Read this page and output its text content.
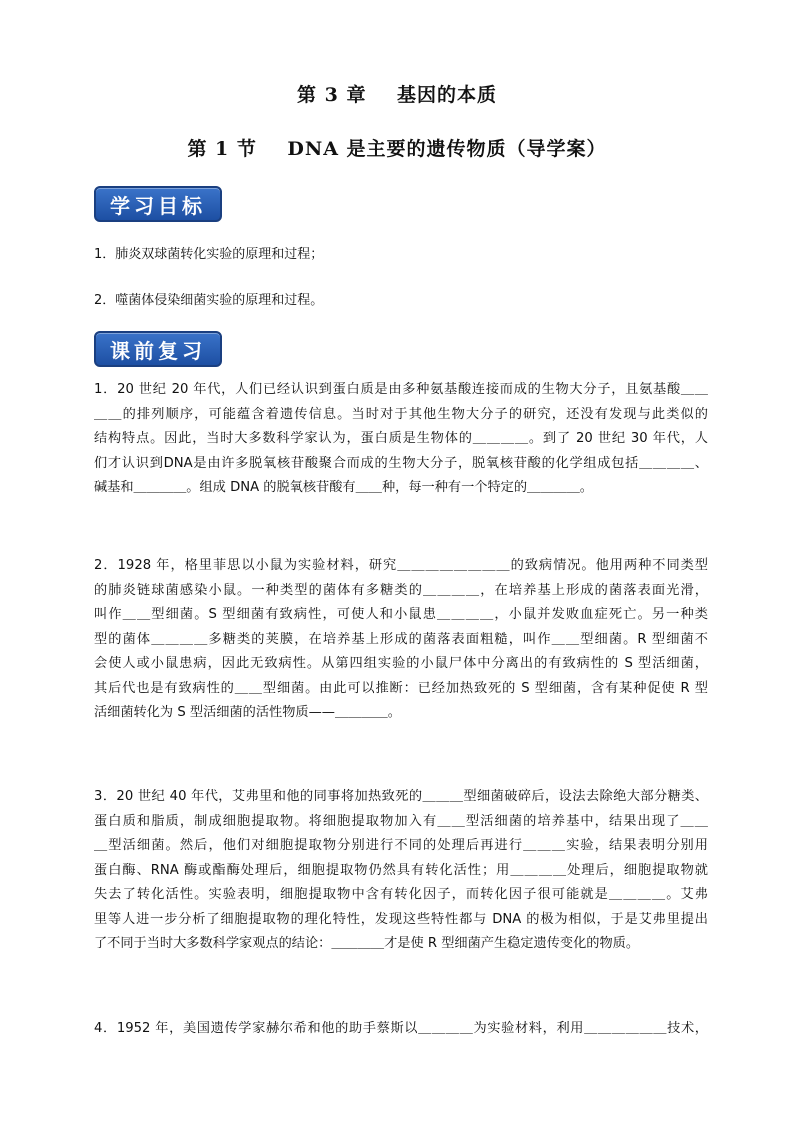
第 3 章    基因的本质
第 1 节    DNA 是主要的遗传物质（导学案）
学习目标
1．肺炎双球菌转化实验的原理和过程；
2．噬菌体侵染细菌实验的原理和过程。
课前复习
1．20 世纪 20 年代，人们已经认识到蛋白质是由多种氨基酸连接而成的生物大分子，且氨基酸＿＿
＿＿的排列顺序，可能蕴含着遗传信息。当时对于其他生物大分子的研究，还没有发现与此类似的
结构特点。因此，当时大多数科学家认为，蛋白质是生物体的＿＿＿＿。到了 20 世纪 30 年代，人
们才认识到DNA是由许多脱氧核苷酸聚合而成的生物大分子，脱氧核苷酸的化学组成包括＿＿＿＿、
碱基和＿＿＿＿。组成 DNA 的脱氧核苷酸有＿＿种，每一种有一个特定的＿＿＿＿。
2．1928 年，格里菲思以小鼠为实验材料，研究＿＿＿＿＿＿＿＿的致病情况。他用两种不同类型
的肺炎链球菌感染小鼠。一种类型的菌体有多糖类的＿＿＿＿，在培养基上形成的菌落表面光滑，
叫作＿＿型细菌。S 型细菌有致病性，可使人和小鼠患＿＿＿＿，小鼠并发败血症死亡。另一种类
型的菌体＿＿＿＿多糖类的荚膜，在培养基上形成的菌落表面粗糙，叫作＿＿型细菌。R 型细菌不
会使人或小鼠患病，因此无致病性。从第四组实验的小鼠尸体中分离出的有致病性的 S 型活细菌，
其后代也是有致病性的＿＿型细菌。由此可以推断：已经加热致死的 S 型细菌，含有某种促使 R 型
活细菌转化为 S 型活细菌的活性物质——＿＿＿＿。
3．20 世纪 40 年代，艾弗里和他的同事将加热致死的＿＿＿型细菌破碎后，设法去除绝大部分糖类、
蛋白质和脂质，制成细胞提取物。将细胞提取物加入有＿＿型活细菌的培养基中，结果出现了＿＿
＿型活细菌。然后，他们对细胞提取物分别进行不同的处理后再进行＿＿＿实验，结果表明分别用
蛋白酶、RNA 酶或酯酶处理后，细胞提取物仍然具有转化活性；用＿＿＿＿处理后，细胞提取物就
失去了转化活性。实验表明，细胞提取物中含有转化因子，而转化因子很可能就是＿＿＿＿。艾弗
里等人进一步分析了细胞提取物的理化特性，发现这些特性都与 DNA 的极为相似，于是艾弗里提出
了不同于当时大多数科学家观点的结论：＿＿＿＿才是使 R 型细菌产生稳定遗传变化的物质。
4．1952 年，美国遗传学家赫尔希和他的助手蔡斯以＿＿＿＿为实验材料，利用＿＿＿＿＿＿技术，
